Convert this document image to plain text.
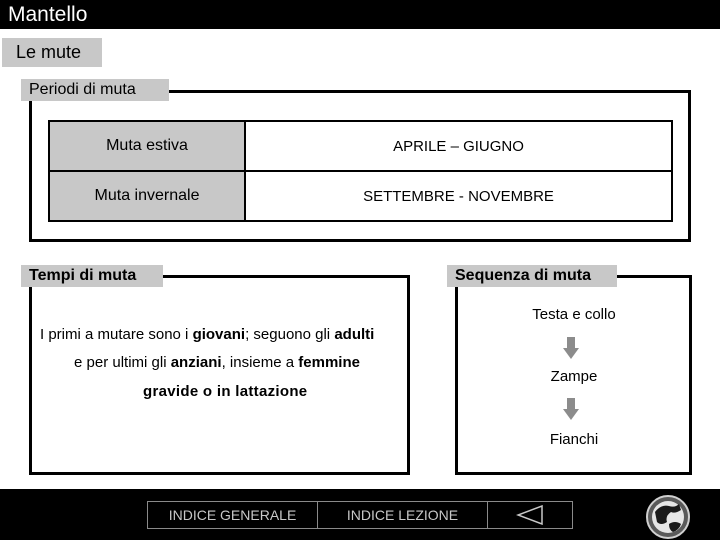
Mantello
Le mute
Periodi di muta
Muta estiva	APRILE – GIUGNO
Muta invernale	SETTEMBRE - NOVEMBRE
Tempi di muta
I primi a mutare sono i giovani; seguono gli adulti
e per ultimi gli anziani, insieme a femmine
gravide o in lattazione
Sequenza di muta
Testa e collo
Zampe
Fianchi
INDICE GENERALE	INDICE LEZIONE
